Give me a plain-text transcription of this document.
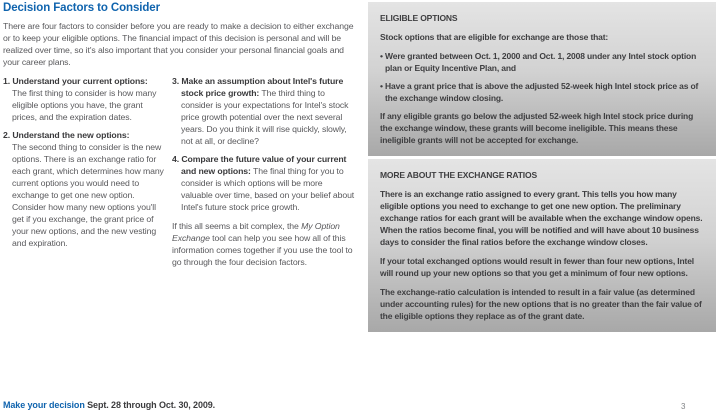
Decision Factors to Consider

There are four factors to consider before you are ready to make a decision to either exchange or to keep your eligible options. The financial impact of this decision is personal and will be realized over time, so it's also important that you consider your personal financial goals and your career plans.

1. Understand your current options:
The first thing to consider is how many eligible options you have, the grant prices, and the expiration dates.
2. Understand the new options:
The second thing to consider is the new options. There is an exchange ratio for each grant, which determines how many current options you would need to exchange to get one new option. Consider how many new options you'll get if you exchange, the grant price of your new options, and the new vesting and expiration.
3. Make an assumption about Intel's future stock price growth: The third thing to consider is your expectations for Intel's stock price growth potential over the next several years. Do you think it will rise quickly, slowly, not at all, or decline?
4. Compare the future value of your current and new options: The final thing for you to consider is which options will be more valuable over time, based on your belief about Intel's future stock price growth.

If this all seems a bit complex, the My Option Exchange tool can help you see how all of this information comes together if you use the tool to go through the four decision factors.

ELIGIBLE OPTIONS

Stock options that are eligible for exchange are those that:

• Were granted between Oct. 1, 2000 and Oct. 1, 2008 under any Intel stock option plan or Equity Incentive Plan, and

• Have a grant price that is above the adjusted 52-week high Intel stock price as of the exchange window closing.

If any eligible grants go below the adjusted 52-week high Intel stock price during the exchange window, these grants will become ineligible. This means these ineligible grants will not be accepted for exchange.

MORE ABOUT THE EXCHANGE RATIOS

There is an exchange ratio assigned to every grant. This tells you how many eligible options you need to exchange to get one new option. The preliminary exchange ratios for each grant will be available when the exchange window opens. When the ratios become final, you will be notified and will have about 10 business days to consider the final ratios before the exchange window closes.

If your total exchanged options would result in fewer than four new options, Intel will round up your new options so that you get a minimum of four new options.

The exchange-ratio calculation is intended to result in a fair value (as determined under accounting rules) for the new options that is no greater than the fair value of the eligible options they replace as of the grant date.

Make your decision Sept. 28 through Oct. 30, 2009.	3
